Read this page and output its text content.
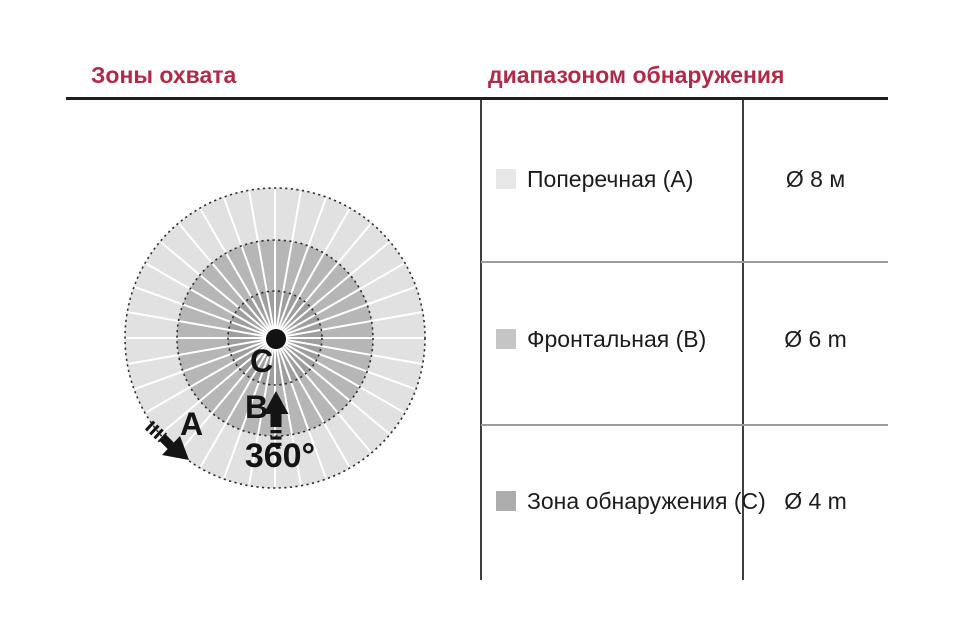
Зоны охвата	диапазоном обнаружения
C
B
A
360°
Поперечная (А)	Ø 8 м
Фронтальная (В)	Ø 6 m
Зона обнаружения (С) Ø 4 m
